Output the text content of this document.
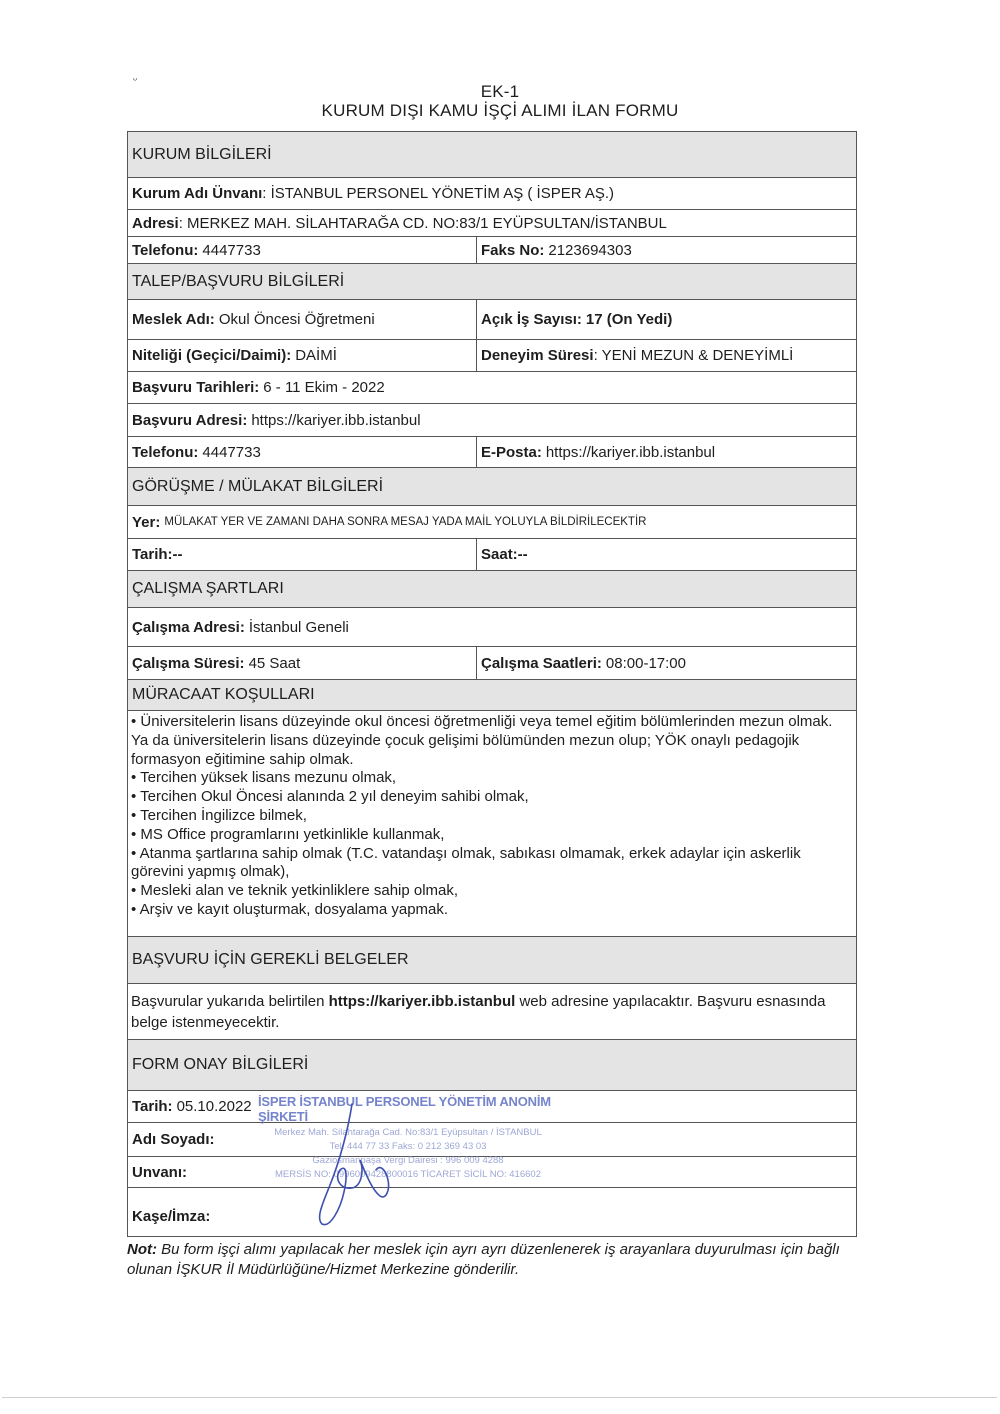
ᵕ
EK-1
KURUM DIŞI KAMU İŞÇİ ALIMI İLAN FORMU
KURUM BİLGİLERİ
Kurum Adı Ünvanı : İSTANBUL PERSONEL YÖNETİM AŞ ( İSPER AŞ.)
Adresi : MERKEZ MAH. SİLAHTARAĞA CD. NO:83/1 EYÜPSULTAN/İSTANBUL
Telefonu: 4447733	Faks No: 2123694303
TALEP/BAŞVURU BİLGİLERİ
Meslek Adı: Okul Öncesi Öğretmeni	Açık İş Sayısı: 17 (On Yedi)
Niteliği (Geçici/Daimi): DAİMİ	Deneyim Süresi : YENİ MEZUN & DENEYİMLİ
Başvuru Tarihleri: 6 - 11 Ekim - 2022
Başvuru Adresi: https://kariyer.ibb.istanbul
Telefonu: 4447733	E-Posta: https://kariyer.ibb.istanbul
GÖRÜŞME / MÜLAKAT BİLGİLERİ
Yer: MÜLAKAT YER VE ZAMANI DAHA SONRA MESAJ YADA MAİL YOLUYLA BİLDİRİLECEKTİR
Tarih:--	Saat:--
ÇALIŞMA ŞARTLARI
Çalışma Adresi: İstanbul Geneli
Çalışma Süresi: 45 Saat	Çalışma Saatleri: 08:00-17:00
MÜRACAAT KOŞULLARI
• Üniversitelerin lisans düzeyinde okul öncesi öğretmenliği veya temel eğitim bölümlerinden mezun olmak. Ya da üniversitelerin lisans düzeyinde çocuk gelişimi bölümünden mezun olup; YÖK onaylı pedagojik formasyon eğitimine sahip olmak.
• Tercihen yüksek lisans mezunu olmak,
• Tercihen Okul Öncesi alanında 2 yıl deneyim sahibi olmak,
• Tercihen İngilizce bilmek,
• MS Office programlarını yetkinlikle kullanmak,
• Atanma şartlarına sahip olmak (T.C. vatandaşı olmak, sabıkası olmamak, erkek adaylar için askerlik görevini yapmış olmak),
• Mesleki alan ve teknik yetkinliklere sahip olmak,
• Arşiv ve kayıt oluşturmak, dosyalama yapmak.
BAŞVURU İÇİN GEREKLİ BELGELER
Başvurular yukarıda belirtilen https://kariyer.ibb.istanbul web adresine yapılacaktır. Başvuru esnasında belge istenmeyecektir.
FORM ONAY BİLGİLERİ
Tarih: 05.10.2022
Adı Soyadı:
Unvanı:
Kaşe/İmza:
İSPER İSTANBUL PERSONEL YÖNETİM ANONİM ŞİRKETİ
Merkez Mah. Silahtarağa Cad. No:83/1 Eyüpsultan / İSTANBUL
Tel: 444 77 33 Faks: 0 212 369 43 03
Gaziosmanpaşa Vergi Dairesi : 996 009 4288
MERSİS NO: 0996009428800016 TİCARET SİCİL NO: 416602
Not: Bu form işçi alımı yapılacak her meslek için ayrı ayrı düzenlenerek iş arayanlara duyurulması için bağlı olunan İŞKUR İl Müdürlüğüne/Hizmet Merkezine gönderilir.
